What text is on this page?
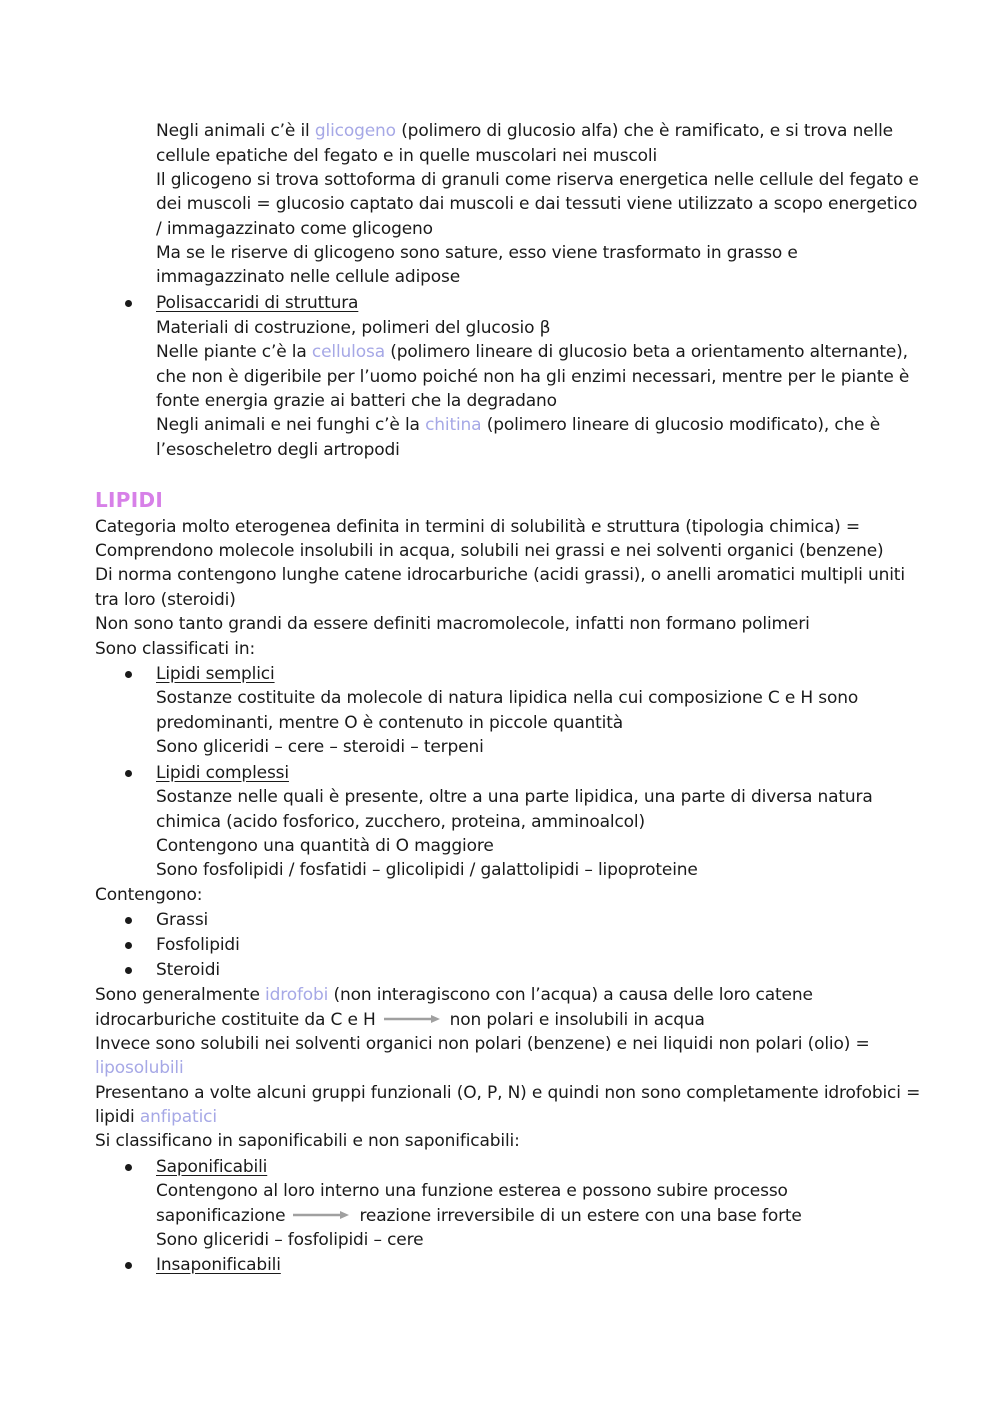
Negli animali c’è il glicogeno (polimero di glucosio alfa) che è ramificato, e si trova nelle
cellule epatiche del fegato e in quelle muscolari nei muscoli
Il glicogeno si trova sottoforma di granuli come riserva energetica nelle cellule del fegato e
dei muscoli = glucosio captato dai muscoli e dai tessuti viene utilizzato a scopo energetico
/ immagazzinato come glicogeno
Ma se le riserve di glicogeno sono sature, esso viene trasformato in grasso e
immagazzinato nelle cellule adipose
Polisaccaridi di struttura
Materiali di costruzione, polimeri del glucosio β
Nelle piante c’è la cellulosa (polimero lineare di glucosio beta a orientamento alternante),
che non è digeribile per l’uomo poiché non ha gli enzimi necessari, mentre per le piante è
fonte energia grazie ai batteri che la degradano
Negli animali e nei funghi c’è la chitina (polimero lineare di glucosio modificato), che è
l’esoscheletro degli artropodi
LIPIDI
Categoria molto eterogenea definita in termini di solubilità e struttura (tipologia chimica) =
Comprendono molecole insolubili in acqua, solubili nei grassi e nei solventi organici (benzene)
Di norma contengono lunghe catene idrocarburiche (acidi grassi), o anelli aromatici multipli uniti
tra loro (steroidi)
Non sono tanto grandi da essere definiti macromolecole, infatti non formano polimeri
Sono classificati in:
Lipidi semplici
Sostanze costituite da molecole di natura lipidica nella cui composizione C e H sono
predominanti, mentre O è contenuto in piccole quantità
Sono gliceridi – cere – steroidi – terpeni
Lipidi complessi
Sostanze nelle quali è presente, oltre a una parte lipidica, una parte di diversa natura
chimica (acido fosforico, zucchero, proteina, amminoalcol)
Contengono una quantità di O maggiore
Sono fosfolipidi / fosfatidi – glicolipidi / galattolipidi – lipoproteine
Contengono:
Grassi
Fosfolipidi
Steroidi
Sono generalmente idrofobi (non interagiscono con l’acqua) a causa delle loro catene
idrocarburiche costituite da C e H	non polari e insolubili in acqua
Invece sono solubili nei solventi organici non polari (benzene) e nei liquidi non polari (olio) =
liposolubili
Presentano a volte alcuni gruppi funzionali (O, P, N) e quindi non sono completamente idrofobici =
lipidi anfipatici
Si classificano in saponificabili e non saponificabili:
Saponificabili
Contengono al loro interno una funzione esterea e possono subire processo
saponificazione	reazione irreversibile di un estere con una base forte
Sono gliceridi – fosfolipidi – cere
Insaponificabili
